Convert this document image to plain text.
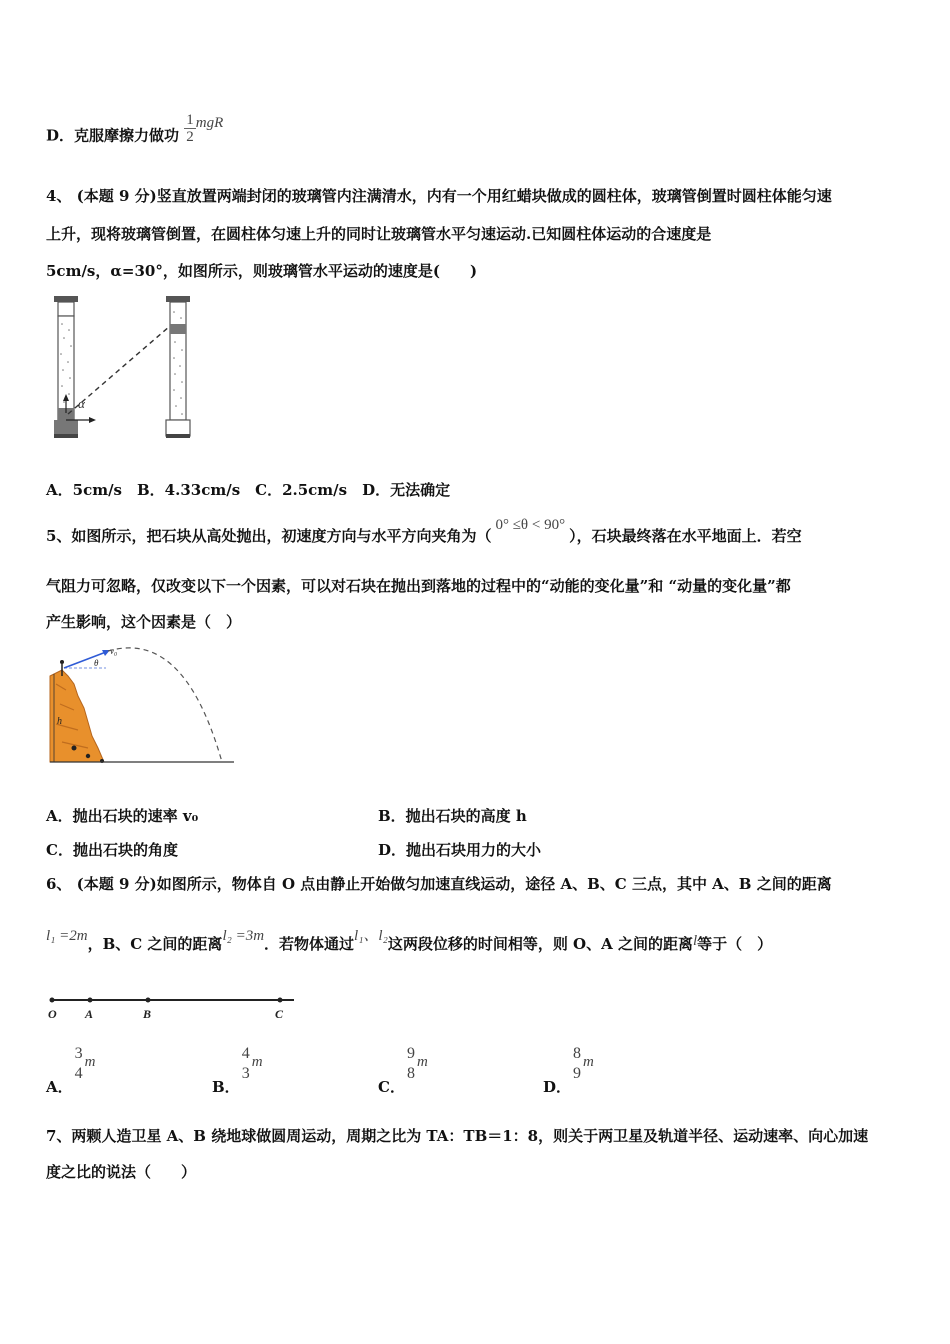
D．克服摩擦力做功 $\frac{1}{2}$ mgR
4、 (本题 9 分)竖直放置两端封闭的玻璃管内注满清水，内有一个用红蜡块做成的圆柱体，玻璃管倒置时圆柱体能匀速
上升，现将玻璃管倒置，在圆柱体匀速上升的同时让玻璃管水平匀速运动.已知圆柱体运动的合速度是
5cm/s，α=30°，如图所示，则玻璃管水平运动的速度是(　　)
α
A．5cm/s　B．4.33cm/s　C．2.5cm/s　D．无法确定
5、如图所示，把石块从高处抛出，初速度方向与水平方向夹角为（0° ≤θ < 90°），石块最终落在水平地面上．若空
气阻力可忽略，仅改变以下一个因素，可以对石块在抛出到落地的过程中的“动能的变化量”和 “动量的变化量”都
产生影响，这个因素是（　）
h
v₀
θ
A．抛出石块的速率 v₀	B．抛出石块的高度 h
C．抛出石块的角度	D．抛出石块用力的大小
6、 (本题 9 分)如图所示，物体自 O 点由静止开始做匀加速直线运动，途径 A、B、C 三点，其中 A、B 之间的距离
l₁ =2m，B、C 之间的距离l₂ =3m．若物体通过l₁、l₂这两段位移的时间相等，则 O、A 之间的距离l等于（　）
O A	B	C
A．
3
4
m
B．
4
3
m
C．
9
8
m
D．
8
9
m
7、两颗人造卫星 A、B 绕地球做圆周运动，周期之比为 TA：TB＝1：8，则关于两卫星及轨道半径、运动速率、向心加速
度之比的说法（　　）
